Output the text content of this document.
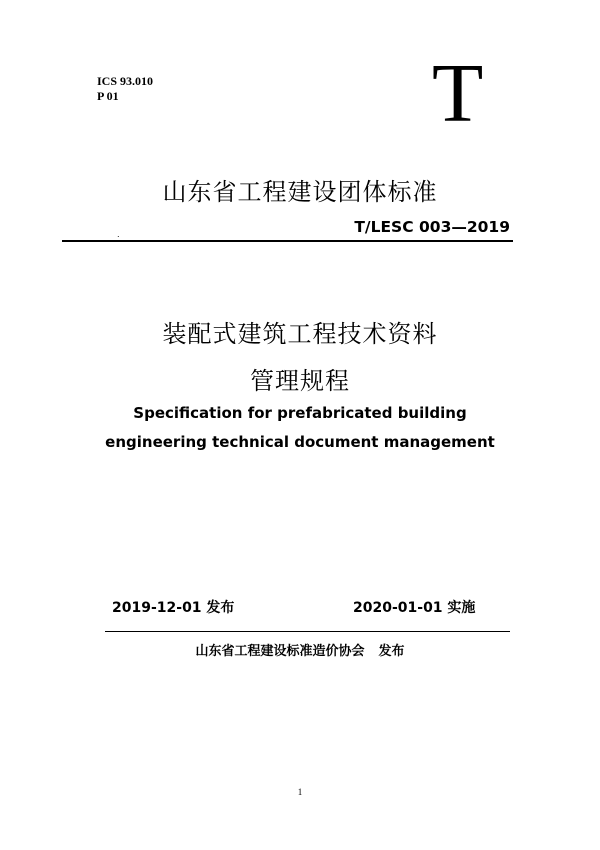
ICS 93.010
P 01	T
山东省工程建设团体标准
.	T/LESC 003—2019
装配式建筑工程技术资料
管理规程
Specification for prefabricated building
engineering technical document management
2019-12-01 发布	2020-01-01 实施
山东省工程建设标准造价协会 发布
1
